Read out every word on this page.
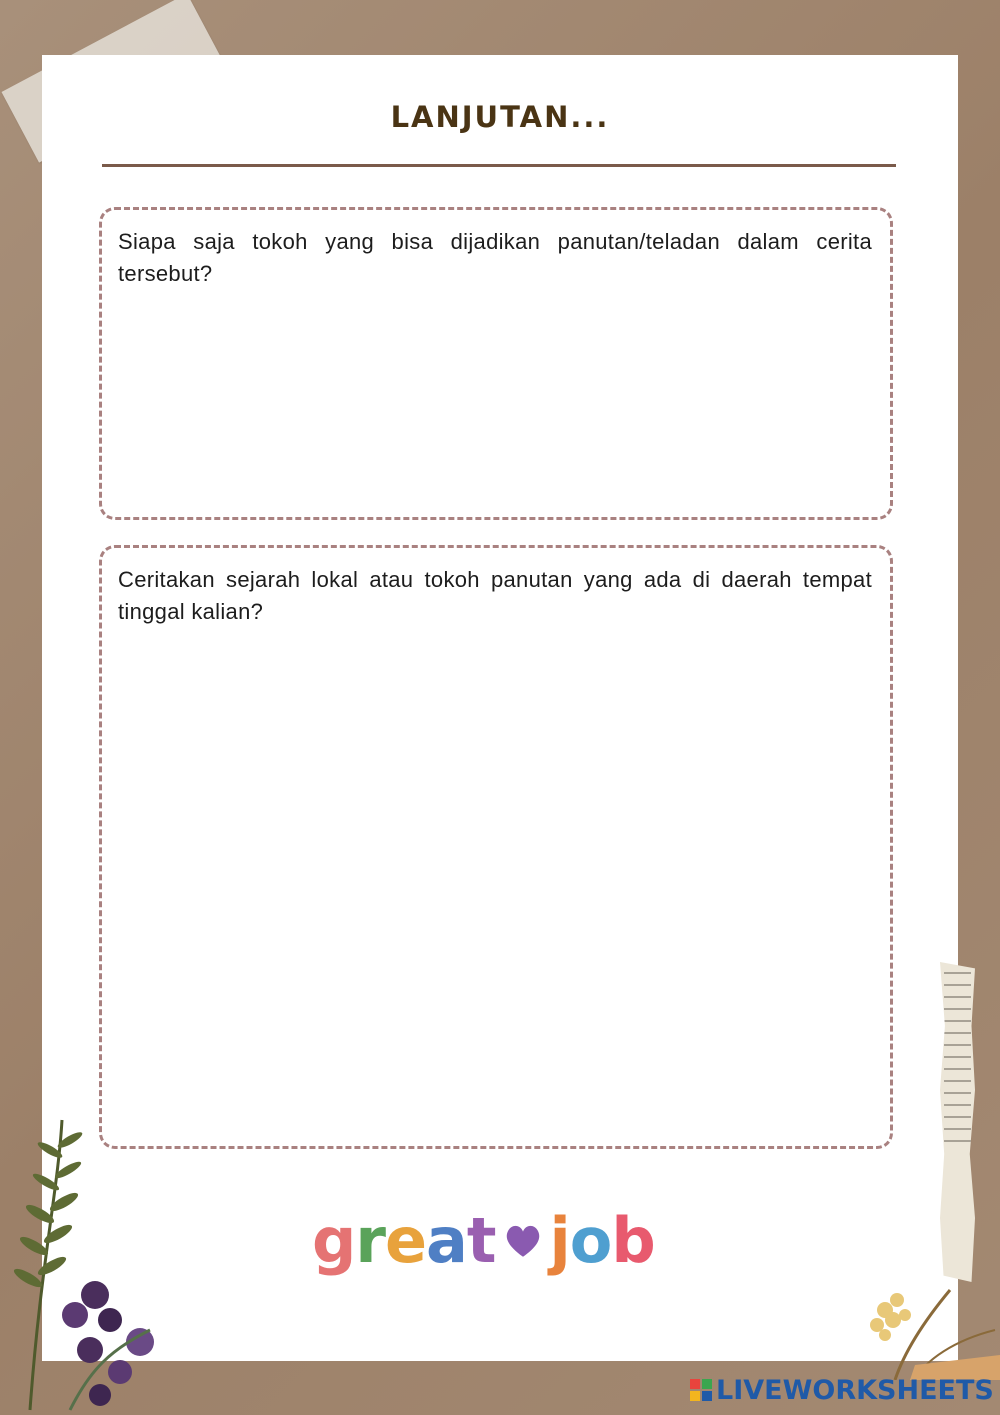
LANJUTAN...

Siapa saja tokoh yang bisa dijadikan panutan/teladan dalam cerita tersebut?

Ceritakan sejarah lokal atau tokoh panutan yang ada di daerah tempat tinggal kalian?

g r e a t j o b
LIVEWORKSHEETS
